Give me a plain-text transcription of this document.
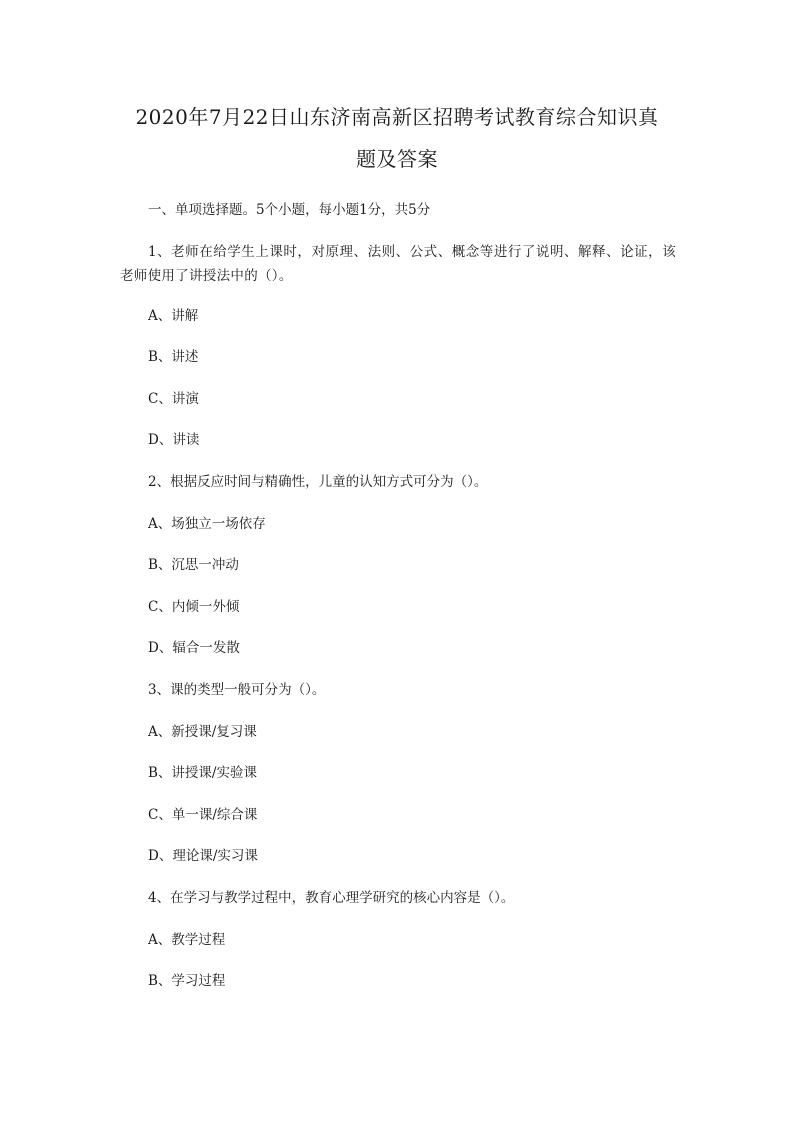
2020年7月22日山东济南高新区招聘考试教育综合知识真
题及答案
一、单项选择题。5个小题，每小题1分，共5分
1、老师在给学生上课时，对原理、法则、公式、概念等进行了说明、解释、论证，该老师使用了讲授法中的（）。
A、讲解
B、讲述
C、讲演
D、讲读
2、根据反应时间与精确性，儿童的认知方式可分为（）。
A、场独立一场依存
B、沉思一冲动
C、内倾一外倾
D、辐合一发散
3、课的类型一般可分为（）。
A、新授课/复习课
B、讲授课/实验课
C、单一课/综合课
D、理论课/实习课
4、在学习与教学过程中，教育心理学研究的核心内容是（）。
A、教学过程
B、学习过程
